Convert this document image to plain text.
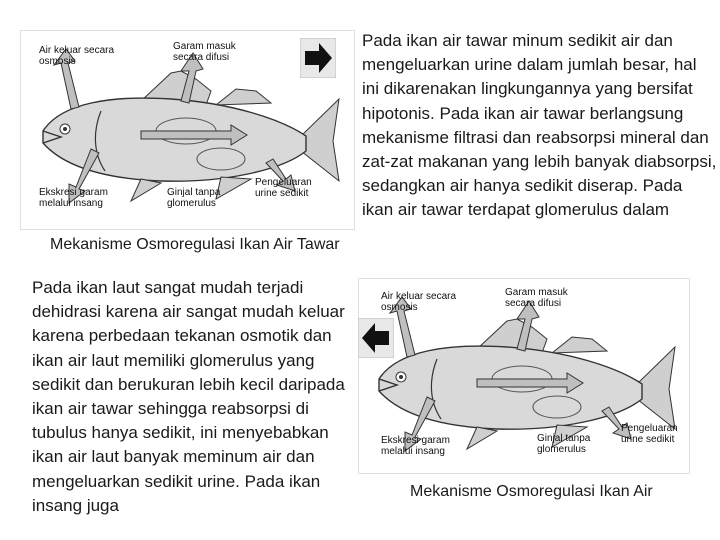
Air keluar secara osmosis
Garam masuk secara difusi
Ekskresi garam melalui insang
Ginjal tanpa glomerulus
Pengeluaran urine sedikit

Pada ikan air tawar minum sedikit air dan mengeluarkan urine dalam jumlah besar, hal ini dikarenakan lingkungannya yang bersifat hipotonis. Pada ikan air tawar berlangsung mekanisme filtrasi dan reabsorpsi mineral dan zat-zat makanan yang lebih banyak diabsorpsi, sedangkan air hanya sedikit diserap. Pada ikan air tawar terdapat glomerulus dalam

Mekanisme Osmoregulasi Ikan Air Tawar

Pada ikan laut sangat mudah terjadi dehidrasi karena air sangat mudah keluar karena perbedaan tekanan osmotik dan ikan air laut memiliki glomerulus yang sedikit dan berukuran lebih kecil daripada ikan air tawar sehingga reabsorpsi di tubulus hanya sedikit, ini menyebabkan ikan air laut banyak meminum air dan mengeluarkan sedikit urine. Pada ikan insang juga

Air keluar secara osmosis
Garam masuk secara difusi
Ekskresi garam melalui insang
Ginjal tanpa glomerulus
Pengeluaran urine sedikit
Mekanisme Osmoregulasi Ikan Air
